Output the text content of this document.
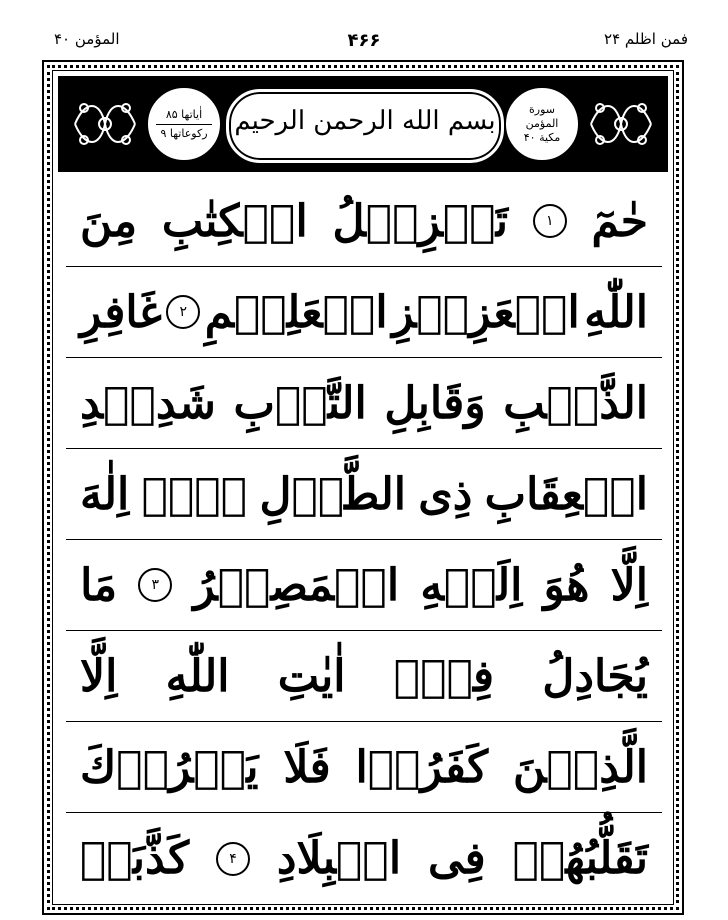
المؤمن ۴۰	۴۶۶	فمن اظلم ۲۴
اٰياتها ۸۵
ركوعاتها ۹ بسم الله الرحمن الرحيم	سورة
المؤمن
مكية ۴۰
حٰمٓ
۱
تَنۡزِيۡلُ
الۡكِتٰبِ
مِنَ
اللّٰهِ
الۡعَزِيۡزِ
الۡعَلِيۡمِ
۲
غَافِرِ
الذَّنۡبِ
وَقَابِلِ
التَّوۡبِ
شَدِيۡدِ
الۡعِقَابِ
ذِى
الطَّوۡلِ
لَاۤ
اِلٰهَ
اِلَّا
هُوَ
اِلَيۡهِ
الۡمَصِيۡرُ
۳
مَا
يُجَادِلُ
فِىۡۤ
اٰيٰتِ
اللّٰهِ
اِلَّا
الَّذِيۡنَ
كَفَرُوۡا
فَلَا
يَغۡرُرۡكَ
تَقَلُّبُهُمۡ
فِى
الۡبِلَادِ
۴
كَذَّبَتۡ
